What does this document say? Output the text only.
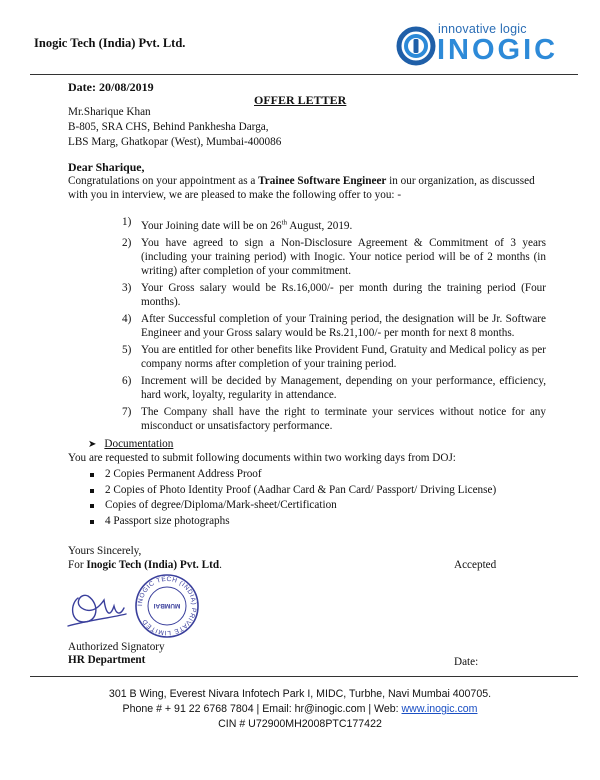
Inogic Tech (India) Pvt. Ltd.
innovative logic
INOGIC
Date: 20/08/2019
OFFER LETTER
Mr.Sharique Khan
B-805, SRA CHS, Behind Pankhesha Darga,
LBS Marg, Ghatkopar (West), Mumbai-400086
Dear Sharique,
Congratulations on your appointment as a Trainee Software Engineer in our organization, as discussed with you in interview, we are pleased to make the following offer to you: -
1) Your Joining date will be on 26th August, 2019.
2) You have agreed to sign a Non-Disclosure Agreement & Commitment of 3 years (including your training period) with Inogic. Your notice period will be of 2 months (in writing) after completion of your commitment.
3) Your Gross salary would be Rs.16,000/- per month during the training period (Four months).
4) After Successful completion of your Training period, the designation will be Jr. Software Engineer and your Gross salary would be Rs.21,100/- per month for next 8 months.
5) You are entitled for other benefits like Provident Fund, Gratuity and Medical policy as per company norms after completion of your training period.
6) Increment will be decided by Management, depending on your performance, efficiency, hard work, loyalty, regularity in attendance.
7) The Company shall have the right to terminate your services without notice for any misconduct or unsatisfactory performance.
➤ Documentation
You are requested to submit following documents within two working days from DOJ:
2 Copies Permanent Address Proof
2 Copies of Photo Identity Proof (Aadhar Card & Pan Card/ Passport/ Driving License)
Copies of degree/Diploma/Mark-sheet/Certification
4 Passport size photographs
Yours Sincerely,
For Inogic Tech (India) Pvt. Ltd.	Accepted
INOGIC TECH (INDIA) PRIVATE LIMITED
MUMBAI
Authorized Signatory
HR Department	Date:
301 B Wing, Everest Nivara Infotech Park I, MIDC, Turbhe, Navi Mumbai 400705.
Phone # + 91 22 6768 7804 | Email: hr@inogic.com | Web: www.inogic.com
CIN # U72900MH2008PTC177422
